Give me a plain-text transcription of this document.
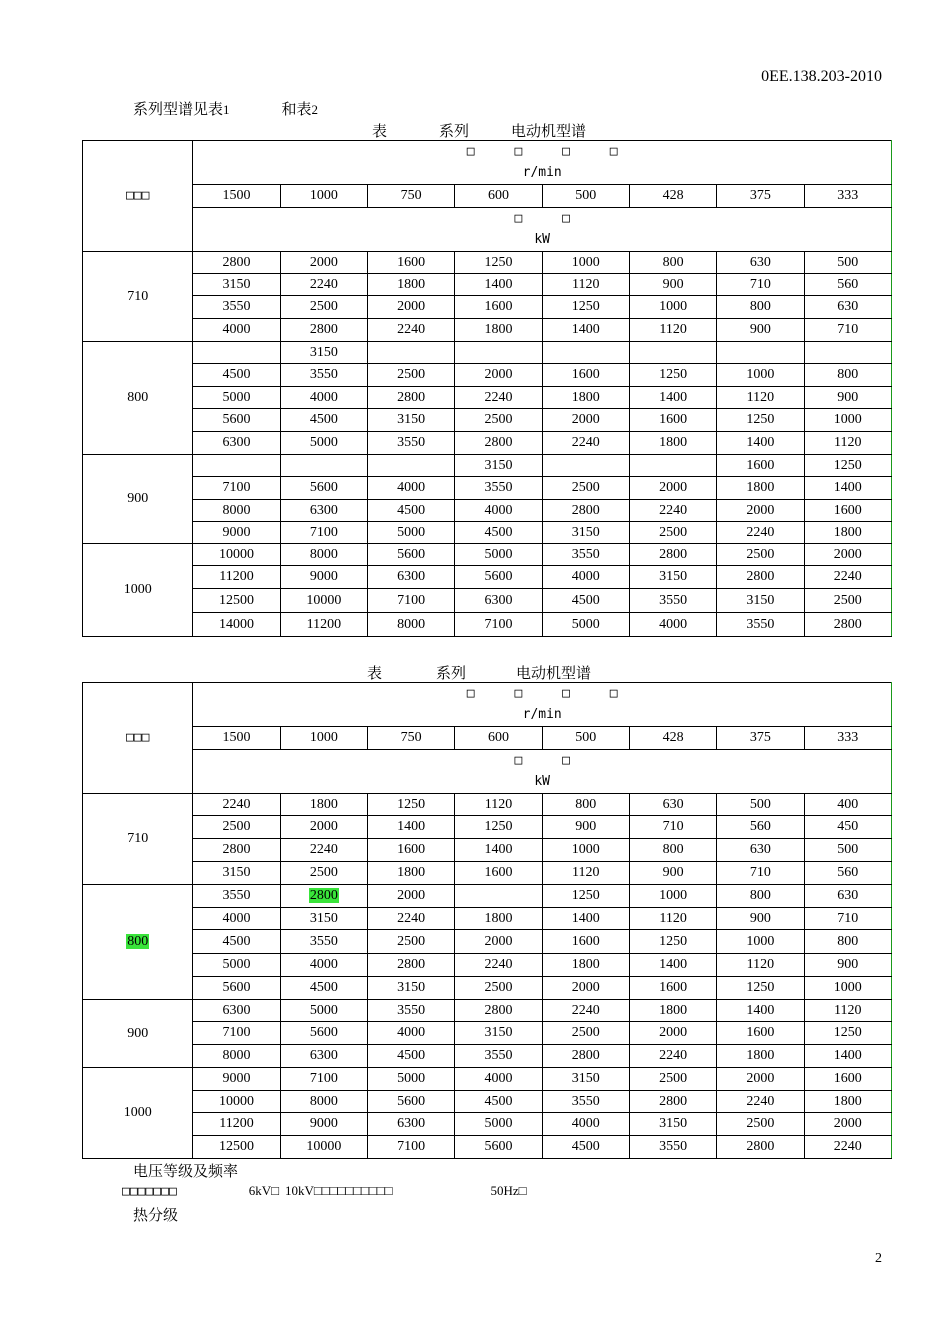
0EE.138.203-2010
系列型谱见表1	和表2
表	系列	电动机型谱
□□□	□ □ □ □							
	r/min							
	1500	1000	750	600	500	428	375	333
	□ □							
	kW							
710	2800	2000	1600	1250	1000	800	630	500
	3150	2240	1800	1400	1120	900	710	560
	3550	2500	2000	1600	1250	1000	800	630
	4000	2800	2240	1800	1400	1120	900	710
800		3150						
	4500	3550	2500	2000	1600	1250	1000	800
	5000	4000	2800	2240	1800	1400	1120	900
	5600	4500	3150	2500	2000	1600	1250	1000
	6300	5000	3550	2800	2240	1800	1400	1120
900				3150			1600	1250
	7100	5600	4000	3550	2500	2000	1800	1400
	8000	6300	4500	4000	2800	2240	2000	1600
	9000	7100	5000	4500	3150	2500	2240	1800
1000	10000	8000	5600	5000	3550	2800	2500	2000
	11200	9000	6300	5600	4000	3150	2800	2240
	12500	10000	7100	6300	4500	3550	3150	2500
	14000	11200	8000	7100	5000	4000	3550	2800
表	系列	电动机型谱
□□□	□ □ □ □							
	r/min							
	1500	1000	750	600	500	428	375	333
	□ □							
	kW							
710	2240	1800	1250	1120	800	630	500	400
	2500	2000	1400	1250	900	710	560	450
	2800	2240	1600	1400	1000	800	630	500
	3150	2500	1800	1600	1120	900	710	560
800	3550	2800	2000		1250	1000	800	630
	4000	3150	2240	1800	1400	1120	900	710
	4500	3550	2500	2000	1600	1250	1000	800
	5000	4000	2800	2240	1800	1400	1120	900
	5600	4500	3150	2500	2000	1600	1250	1000
900	6300	5000	3550	2800	2240	1800	1400	1120
	7100	5600	4000	3150	2500	2000	1600	1250
	8000	6300	4500	3550	2800	2240	1800	1400
1000	9000	7100	5000	4000	3150	2500	2000	1600
	10000	8000	5600	4500	3550	2800	2240	1800
	11200	9000	6300	5000	4000	3150	2500	2000
	12500	10000	7100	5600	4500	3550	2800	2240
电压等级及频率
□□□□□□□	6kV□ 10kV□□□□□□□□□□	50Hz□
热分级
2
